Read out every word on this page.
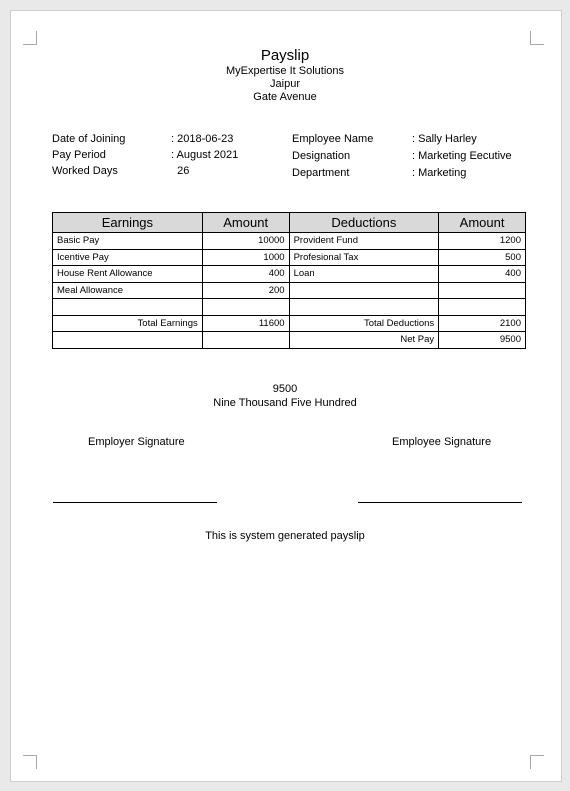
Payslip
MyExpertise It Solutions
Jaipur
Gate Avenue
Date of Joining	: 2018-06-23
Pay Period	: August 2021
Worked Days	26
Employee Name	: Sally Harley
Designation	: Marketing Eecutive
Department	: Marketing
Earnings	Amount	Deductions	Amount
Basic Pay	10000	Provident Fund	1200
Icentive Pay	1000	Profesional Tax	500
House Rent Allowance	400	Loan	400
Meal Allowance	200		

Total Earnings	11600	Total Deductions	2100
		Net Pay	9500
9500
Nine Thousand Five Hundred
Employer Signature	Employee Signature
This is system generated payslip
